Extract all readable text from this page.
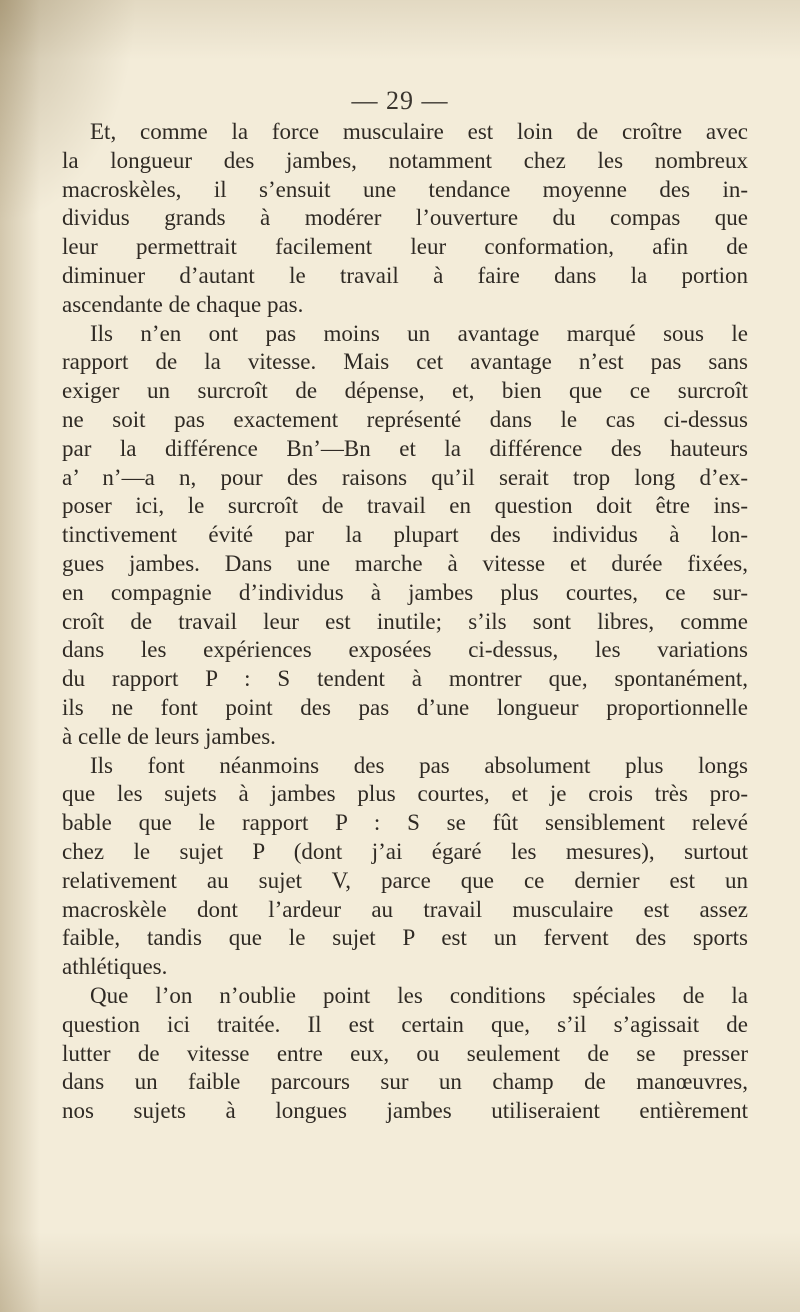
— 29 —
Et, comme la force musculaire est loin de croître avec
la longueur des jambes, notamment chez les nombreux
macroskèles, il s’ensuit une tendance moyenne des in-
dividus grands à modérer l’ouverture du compas que
leur permettrait facilement leur conformation, afin de
diminuer d’autant le travail à faire dans la portion
ascendante de chaque pas.
Ils n’en ont pas moins un avantage marqué sous le
rapport de la vitesse. Mais cet avantage n’est pas sans
exiger un surcroît de dépense, et, bien que ce surcroît
ne soit pas exactement représenté dans le cas ci-dessus
par la différence Bn’—Bn et la différence des hauteurs
a’ n’—a n, pour des raisons qu’il serait trop long d’ex-
poser ici, le surcroît de travail en question doit être ins-
tinctivement évité par la plupart des individus à lon-
gues jambes. Dans une marche à vitesse et durée fixées,
en compagnie d’individus à jambes plus courtes, ce sur-
croît de travail leur est inutile; s’ils sont libres, comme
dans les expériences exposées ci-dessus, les variations
du rapport P : S tendent à montrer que, spontanément,
ils ne font point des pas d’une longueur proportionnelle
à celle de leurs jambes.
Ils font néanmoins des pas absolument plus longs
que les sujets à jambes plus courtes, et je crois très pro-
bable que le rapport P : S se fût sensiblement relevé
chez le sujet P (dont j’ai égaré les mesures), surtout
relativement au sujet V, parce que ce dernier est un
macroskèle dont l’ardeur au travail musculaire est assez
faible, tandis que le sujet P est un fervent des sports
athlétiques.
Que l’on n’oublie point les conditions spéciales de la
question ici traitée. Il est certain que, s’il s’agissait de
lutter de vitesse entre eux, ou seulement de se presser
dans un faible parcours sur un champ de manœuvres,
nos sujets à longues jambes utiliseraient entièrement
